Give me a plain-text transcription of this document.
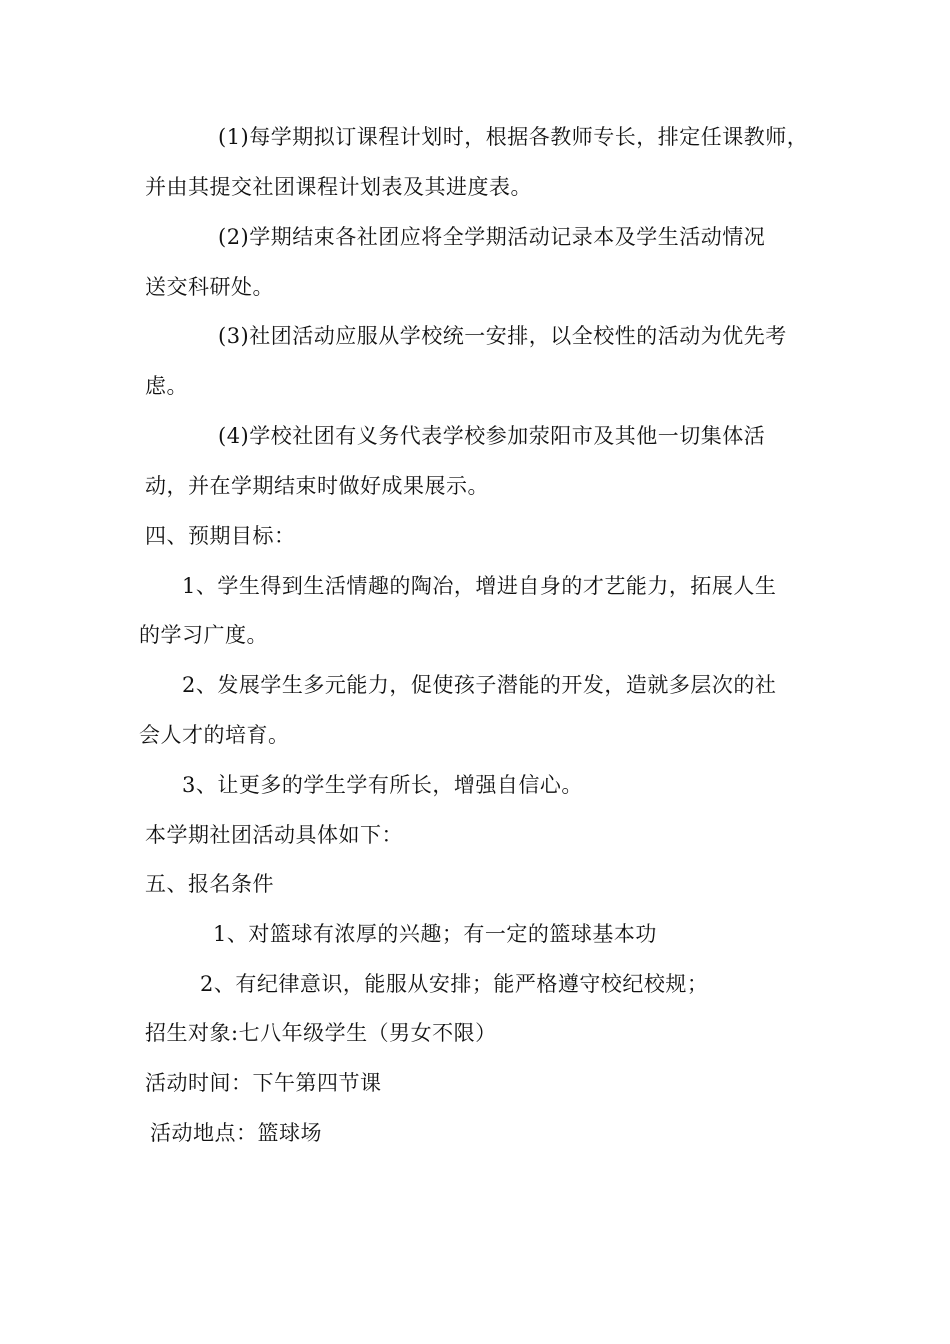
(1)每学期拟订课程计划时，根据各教师专长，排定任课教师，
并由其提交社团课程计划表及其进度表。
(2)学期结束各社团应将全学期活动记录本及学生活动情况
送交科研处。
(3)社团活动应服从学校统一安排，以全校性的活动为优先考
虑。
(4)学校社团有义务代表学校参加荥阳市及其他一切集体活
动，并在学期结束时做好成果展示。
四、预期目标：
1、学生得到生活情趣的陶冶，增进自身的才艺能力，拓展人生
的学习广度。
2、发展学生多元能力，促使孩子潜能的开发，造就多层次的社
会人才的培育。
3、让更多的学生学有所长，增强自信心。
本学期社团活动具体如下：
五、报名条件
1、对篮球有浓厚的兴趣；有一定的篮球基本功
2、有纪律意识，能服从安排；能严格遵守校纪校规；
招生对象:七八年级学生（男女不限）
活动时间：下午第四节课
活动地点：篮球场
